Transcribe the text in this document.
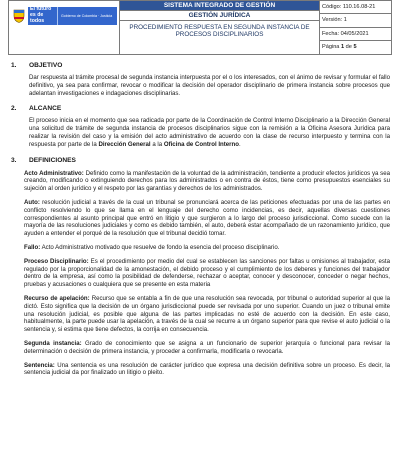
El futuro
es de todos
Gobierno de Colombia · Justicia
SISTEMA INTEGRADO DE GESTIÓN
GESTIÓN JURÍDICA
PROCEDIMIENTO RESPUESTA EN SEGUNDA INSTANCIA DE PROCESOS DISCIPLINARIOS
Código: 110.16.08-21
Versión: 1
Fecha: 04/05/2021
Página 1 de 5
1. OBJETIVO

Dar respuesta al trámite procesal de segunda instancia interpuesta por el o los interesados, con el ánimo de revisar y formular el fallo definitivo, ya sea para confirmar, revocar o modificar la decisión del operador disciplinario de primera instancia sobre procesos que adelantan investigaciones e indagaciones disciplinarias.

2. ALCANCE

El proceso inicia en el momento que sea radicada por parte de la Coordinación de Control Interno Disciplinario a la Dirección General una solicitud de trámite de segunda instancia de procesos disciplinarios sigue con la remisión a la Oficina Asesora Jurídica para realizar la revisión del caso y la emisión del acto administrativo de acuerdo con la clase de recurso interpuesto y termina con la respuesta por parte de la Dirección General a la Oficina de Control Interno.

3. DEFINICIONES

Acto Administrativo: Definido como la manifestación de la voluntad de la administración, tendiente a producir efectos jurídicos ya sea creando, modificando o extinguiendo derechos para los administrados o en contra de éstos, tiene como presupuestos esenciales su sujeción al orden jurídico y el respeto por las garantías y derechos de los administrados.

Auto: resolución judicial a través de la cual un tribunal se pronunciará acerca de las peticiones efectuadas por una de las partes en conflicto resolviendo lo que se llama en el lenguaje del derecho como incidencias, es decir, aquellas diversas cuestiones correspondientes al asunto principal que entró en litigio y que surgieron a lo largo del proceso jurisdiccional. Como sucede con la mayoría de las resoluciones judiciales y como es debido también, el auto, deberá estar acompañado de un razonamiento jurídico, que ayuden a entender el porqué de la resolución que el tribunal decidió tomar.

Fallo: Acto Administrativo motivado que resuelve de fondo la esencia del proceso disciplinario.

Proceso Disciplinario: Es el procedimiento por medio del cual se establecen las sanciones por faltas u omisiones al trabajador, esta regulado por la proporcionalidad de la amonestación, el debido proceso y el cumplimiento de los deberes y funciones del trabajador dentro de la empresa, así como la posibilidad de defenderse, rechazar o aceptar, conocer y desconocer, conceder o negar hechos, pruebas y acusaciones o cualquiera que se presente en esta materia

Recurso de apelación: Recurso que se entabla a fin de que una resolución sea revocada, por tribunal o autoridad superior al que la dictó. Esto significa que la decisión de un órgano jurisdiccional puede ser revisada por uno superior. Cuando un juez o tribunal emite una resolución judicial, es posible que alguna de las partes implicadas no esté de acuerdo con la decisión. En este caso, habitualmente, la parte puede usar la apelación, a través de la cual se recurre a un órgano superior para que revise el auto judicial o la sentencia y, si estima que tiene defectos, la corrija en consecuencia.

Segunda instancia: Grado de conocimiento que se asigna a un funcionario de superior jerarquía o funcional para revisar la determinación o decisión de primera instancia, y proceder a confirmarla, modificarla o revocarla.

Sentencia: Una sentencia es una resolución de carácter jurídico que expresa una decisión definitiva sobre un proceso. Es decir, la sentencia judicial da por finalizado un litigio o pleito.
